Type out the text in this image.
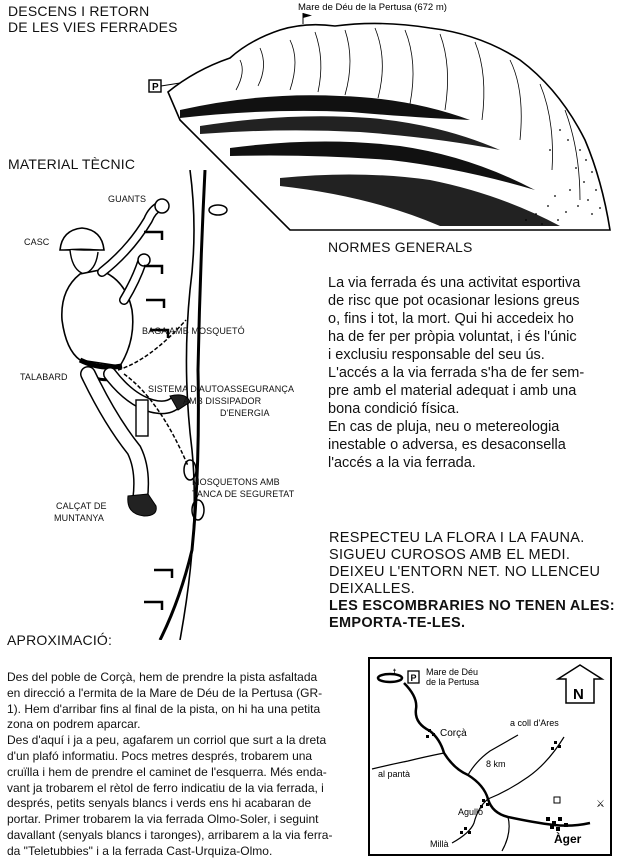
DESCENS I RETORN
DE LES VIES FERRADES
Mare de Déu de la Pertusa (672 m)
P
MATERIAL TÈCNIC
GUANTS
CASC
BAGA AMB MOSQUETÓ
TALABARD
SISTEMA D'AUTOASSEGURANÇA
AMB DISSIPADOR
D'ENERGIA
MOSQUETONS AMB
TANCA DE SEGURETAT
CALÇAT DE
MUNTANYA
NORMES GENERALS
La via ferrada és una activitat esportiva
de risc que pot ocasionar lesions greus
o, fins i tot, la mort. Qui hi accedeix ho
ha de fer per pròpia voluntat, i és l'únic
i exclusiu responsable del seu ús.
L'accés a la via ferrada s'ha de fer sem-
pre amb el material adequat i amb una
bona condició física.
En cas de pluja, neu o metereologia
inestable o adversa, es desaconsella
l'accés a la via ferrada.
RESPECTEU LA FLORA I LA FAUNA.
SIGUEU CUROSOS AMB EL MEDI.
DEIXEU L'ENTORN NET. NO LLENCEU
DEIXALLES.
LES ESCOMBRARIES NO TENEN ALES:
EMPORTA-TE-LES.
APROXIMACIÓ:
Des del poble de Corçà, hem de prendre la pista asfaltada
en direcció a l'ermita de la Mare de Déu de la Pertusa (GR-
1). Hem d'arribar fins al final de la pista, on hi ha una petita
zona on podrem aparcar.
Des d'aquí i ja a peu, agafarem un corriol que surt a la dreta
d'un plafó informatiu. Pocs metres després, trobarem una
cruïlla i hem de prendre el caminet de l'esquerra. Més enda-
vant ja trobarem el rètol de ferro indicatiu de la via ferrada, i
després, petits senyals blancs i verds ens hi acabaran de
portar. Primer trobarem la via ferrada Olmo-Soler, i seguint
davallant (senyals blancs i taronges), arribarem a la via ferra-
da "Teletubbies" i a la ferrada Cast-Urquiza-Olmo.
✝
P
Mare de Déu
de la Pertusa
N
⚔
Corçà
a coll d'Ares
al pantà
8 km
Agulló
Millà	Àger
